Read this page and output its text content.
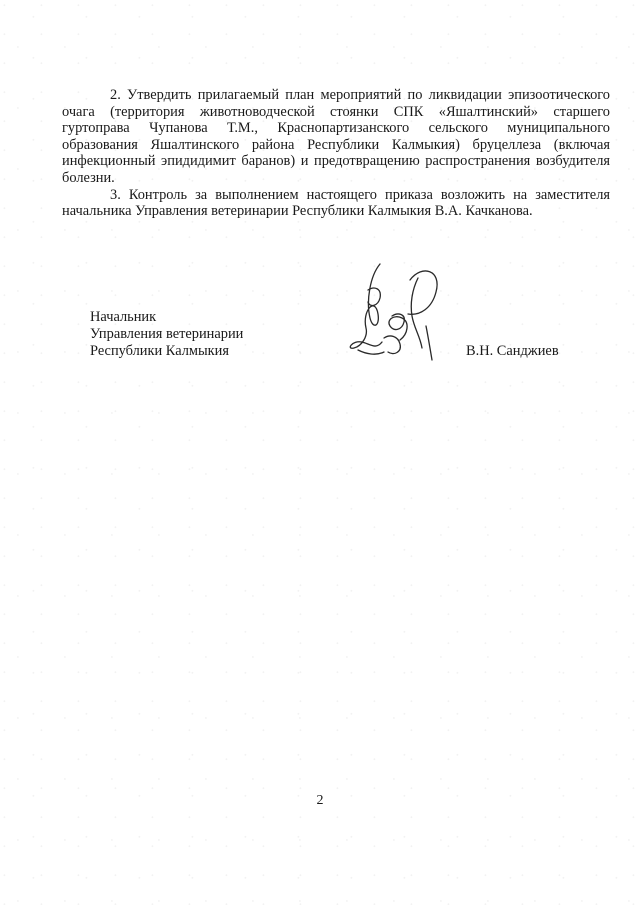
2. Утвердить прилагаемый план мероприятий по ликвидации эпизоотического очага (территория животноводческой стоянки СПК «Яшалтинский» старшего гуртоправа Чупанова Т.М., Краснопартизанского сельского муниципального образования Яшалтинского района Республики Калмыкия) бруцеллеза (включая инфекционный эпидидимит баранов) и предотвращению распространения возбудителя болезни.

3. Контроль за выполнением настоящего приказа возложить на заместителя начальника Управления ветеринарии Республики Калмыкия В.А. Качканова.

Начальник
Управления ветеринарии
Республики Калмыкия	В.Н. Санджиев
2
